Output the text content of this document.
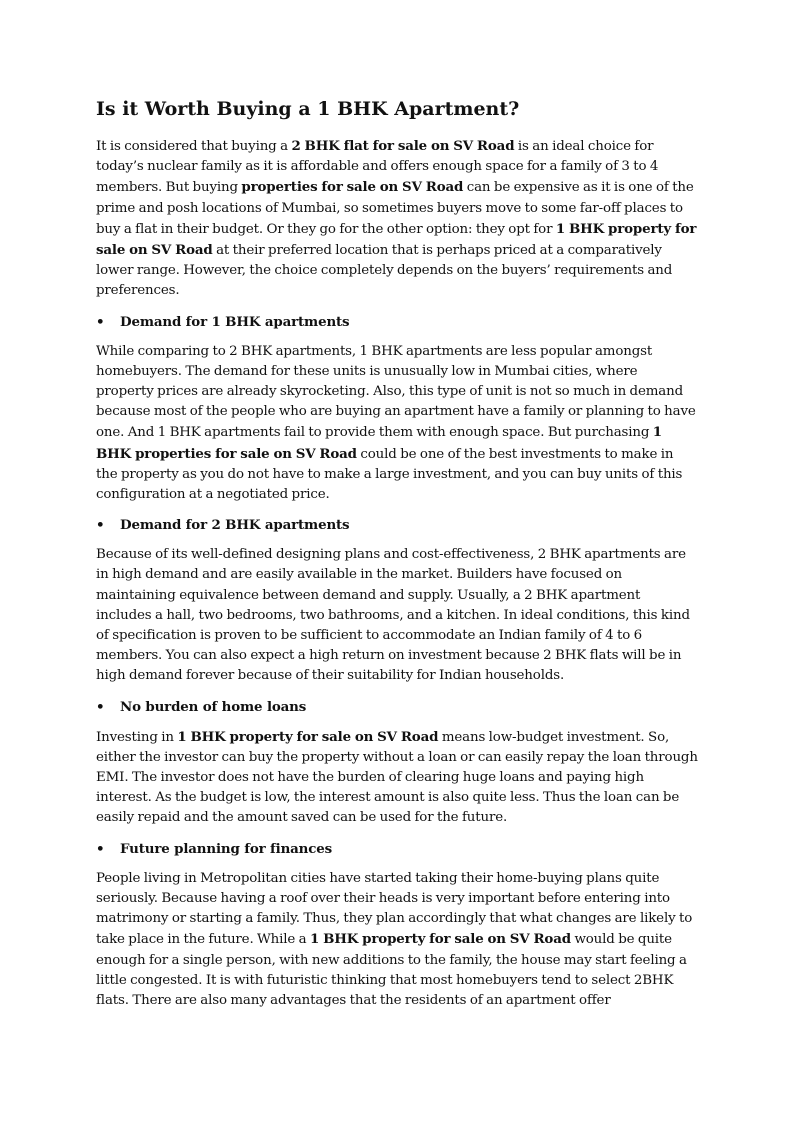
Is it Worth Buying a 1 BHK Apartment?

It is considered that buying a 2 BHK flat for sale on SV Road is an ideal choice for today’s nuclear family as it is affordable and offers enough space for a family of 3 to 4 members. But buying properties for sale on SV Road can be expensive as it is one of the prime and posh locations of Mumbai, so sometimes buyers move to some far-off places to buy a flat in their budget. Or they go for the other option: they opt for 1 BHK property for sale on SV Road at their preferred location that is perhaps priced at a comparatively lower range. However, the choice completely depends on the buyers’ requirements and preferences.

•	Demand for 1 BHK apartments

While comparing to 2 BHK apartments, 1 BHK apartments are less popular amongst homebuyers. The demand for these units is unusually low in Mumbai cities, where property prices are already skyrocketing. Also, this type of unit is not so much in demand because most of the people who are buying an apartment have a family or planning to have one. And 1 BHK apartments fail to provide them with enough space. But purchasing 1 BHK properties for sale on SV Road could be one of the best investments to make in the property as you do not have to make a large investment, and you can buy units of this configuration at a negotiated price.

•	Demand for 2 BHK apartments

Because of its well-defined designing plans and cost-effectiveness, 2 BHK apartments are in high demand and are easily available in the market. Builders have focused on maintaining equivalence between demand and supply. Usually, a 2 BHK apartment includes a hall, two bedrooms, two bathrooms, and a kitchen. In ideal conditions, this kind of specification is proven to be sufficient to accommodate an Indian family of 4 to 6 members. You can also expect a high return on investment because 2 BHK flats will be in high demand forever because of their suitability for Indian households.

•	No burden of home loans

Investing in 1 BHK property for sale on SV Road means low-budget investment. So, either the investor can buy the property without a loan or can easily repay the loan through EMI. The investor does not have the burden of clearing huge loans and paying high interest. As the budget is low, the interest amount is also quite less. Thus the loan can be easily repaid and the amount saved can be used for the future.

•	Future planning for finances

People living in Metropolitan cities have started taking their home-buying plans quite seriously. Because having a roof over their heads is very important before entering into matrimony or starting a family. Thus, they plan accordingly that what changes are likely to take place in the future. While a 1 BHK property for sale on SV Road would be quite enough for a single person, with new additions to the family, the house may start feeling a little congested. It is with futuristic thinking that most homebuyers tend to select 2BHK flats. There are also many advantages that the residents of an apartment offer
